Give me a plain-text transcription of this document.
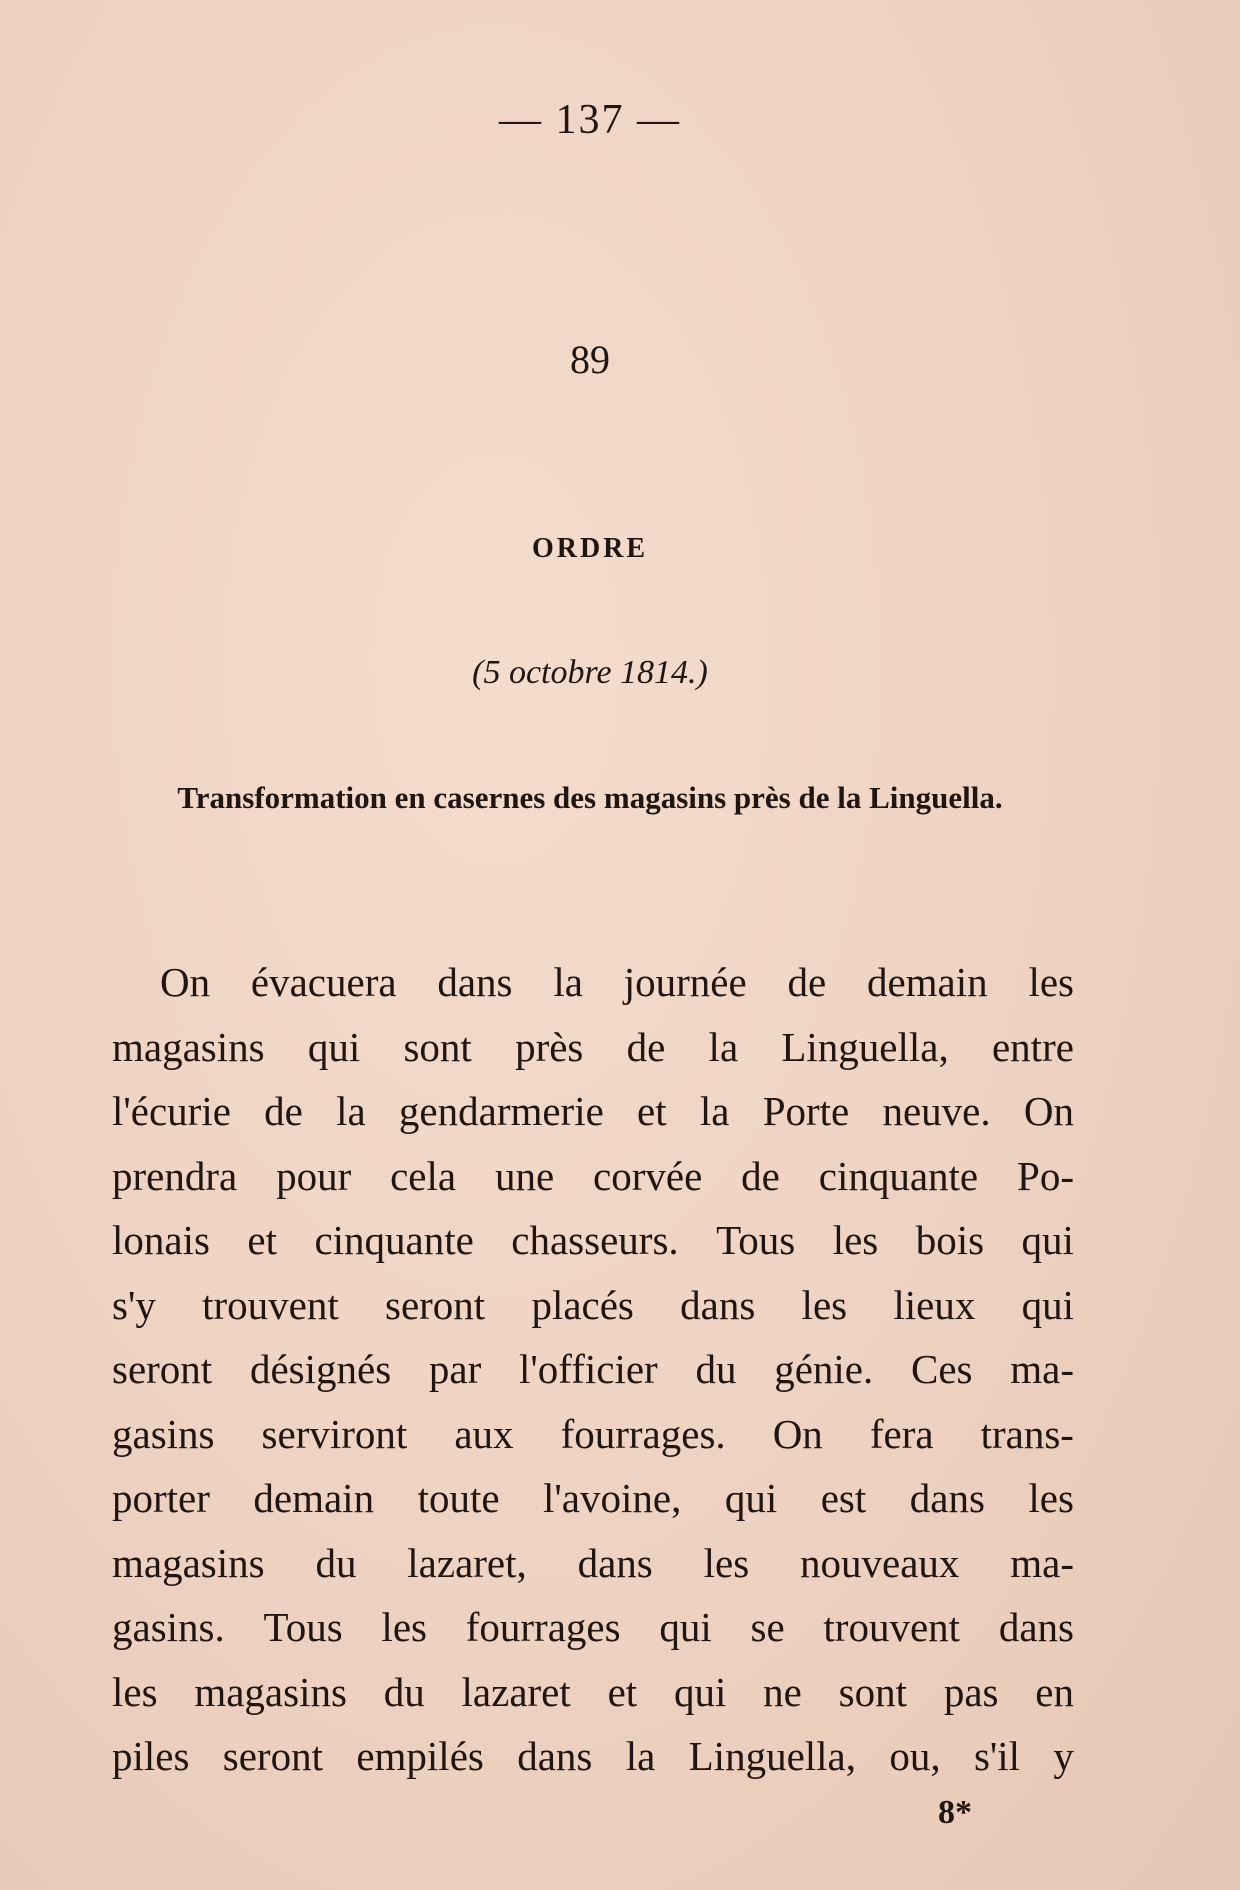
— 137 —
89
ORDRE
(5 octobre 1814.)
Transformation en casernes des magasins près de la Linguella.
On évacuera dans la journée de demain les
magasins qui sont près de la Linguella, entre
l'écurie de la gendarmerie et la Porte neuve. On
prendra pour cela une corvée de cinquante Po-
lonais et cinquante chasseurs. Tous les bois qui
s'y trouvent seront placés dans les lieux qui
seront désignés par l'officier du génie. Ces ma-
gasins serviront aux fourrages. On fera trans-
porter demain toute l'avoine, qui est dans les
magasins du lazaret, dans les nouveaux ma-
gasins. Tous les fourrages qui se trouvent dans
les magasins du lazaret et qui ne sont pas en
piles seront empilés dans la Linguella, ou, s'il y
8*
